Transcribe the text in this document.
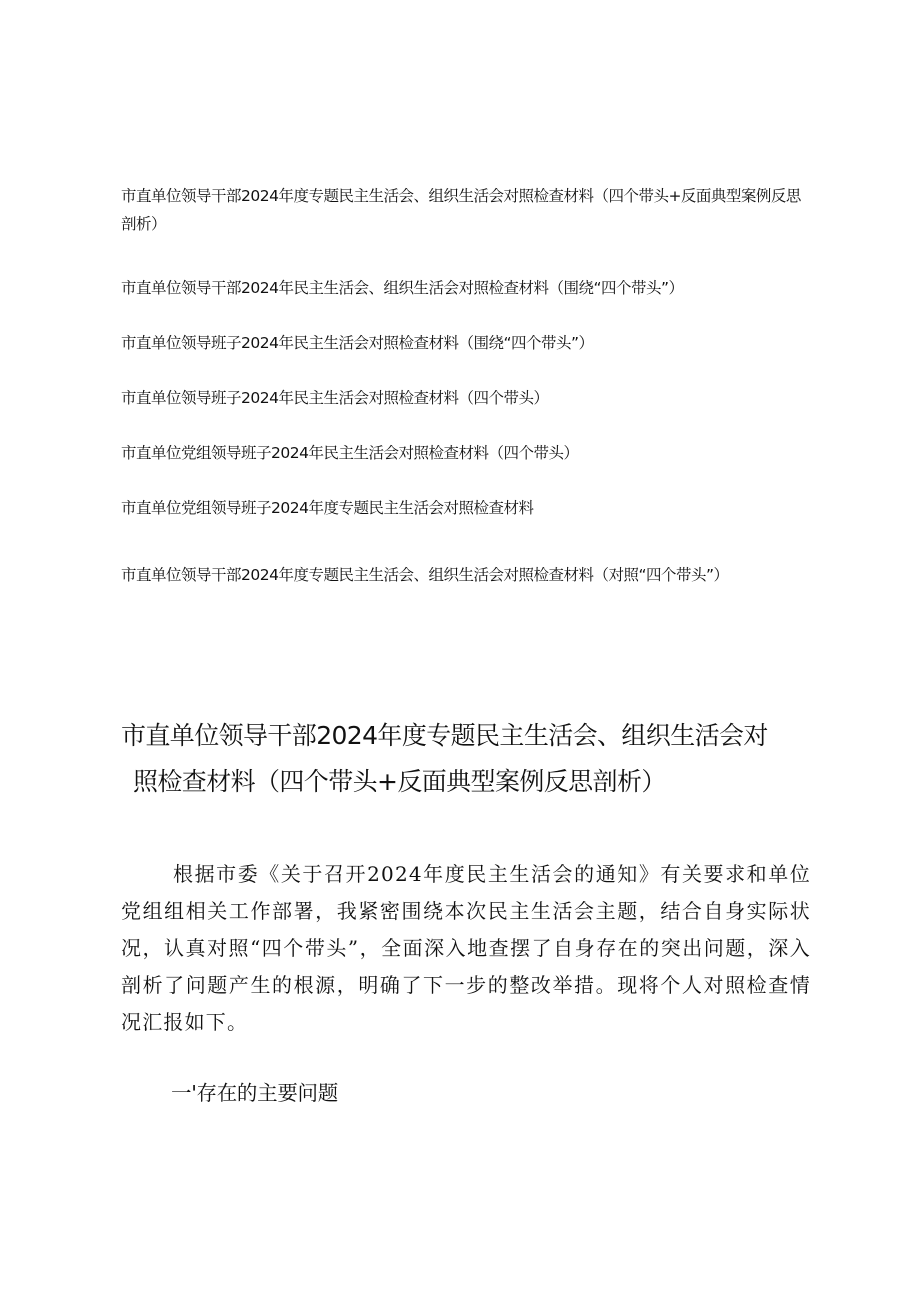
市直单位领导干部2024年度专题民主生活会、组织生活会对照检查材料（四个带头+反面典型案例反思剖析）

市直单位领导干部2024年民主生活会、组织生活会对照检查材料（围绕“四个带头”）

市直单位领导班子2024年民主生活会对照检查材料（围绕“四个带头”）

市直单位领导班子2024年民主生活会对照检查材料（四个带头）

市直单位党组领导班子2024年民主生活会对照检查材料（四个带头）

市直单位党组领导班子2024年度专题民主生活会对照检查材料

市直单位领导干部2024年度专题民主生活会、组织生活会对照检查材料（对照“四个带头”）

市直单位领导干部2024年度专题民主生活会、组织生活会对
照检查材料（四个带头+反面典型案例反思剖析）

根据市委《关于召开2024年度民主生活会的通知》有关要求和单位党组组相关工作部署，我紧密围绕本次民主生活会主题，结合自身实际状况，认真对照“四个带头”，全面深入地查摆了自身存在的突出问题，深入剖析了问题产生的根源，明确了下一步的整改举措。现将个人对照检查情况汇报如下。

一'存在的主要问题
